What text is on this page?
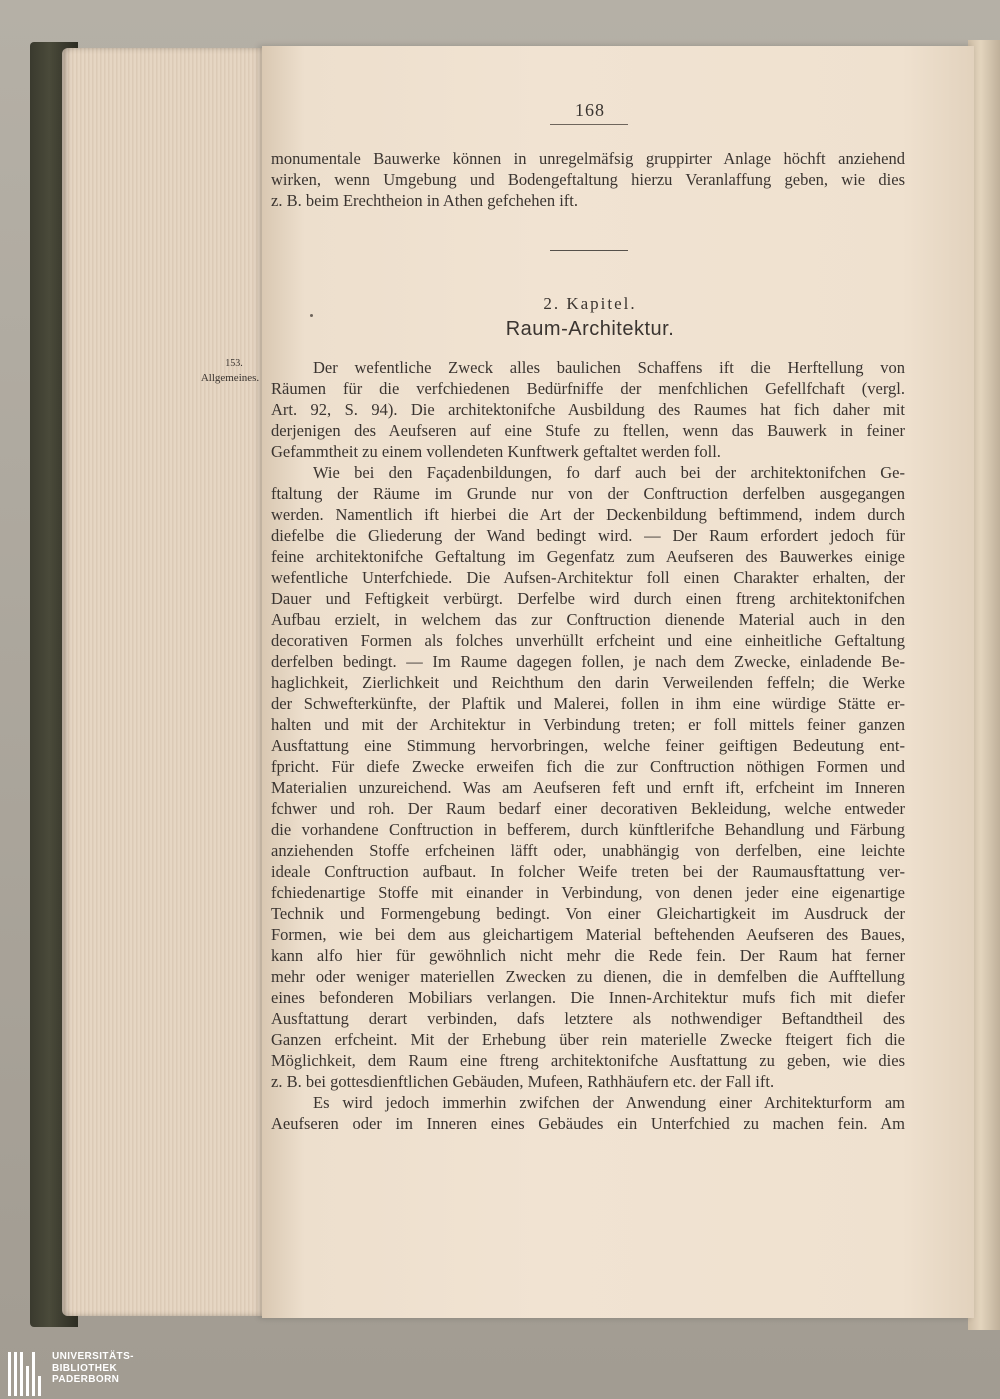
168
monumentale Bauwerke können in unregelmäfsig gruppirter Anlage höchft anziehend
wirken, wenn Umgebung und Bodengeftaltung hierzu Veranlaffung geben, wie dies
z. B. beim Erechtheion in Athen gefchehen ift.
2. Kapitel.
Raum-Architektur.
153.
Allgemeines.
Der wefentliche Zweck alles baulichen Schaffens ift die Herftellung von
Räumen für die verfchiedenen Bedürfniffe der menfchlichen Gefellfchaft (vergl.
Art. 92, S. 94). Die architektonifche Ausbildung des Raumes hat fich daher mit
derjenigen des Aeufseren auf eine Stufe zu ftellen, wenn das Bauwerk in feiner
Gefammtheit zu einem vollendeten Kunftwerk geftaltet werden foll.
Wie bei den Façadenbildungen, fo darf auch bei der architektonifchen Ge-
ftaltung der Räume im Grunde nur von der Conftruction derfelben ausgegangen
werden. Namentlich ift hierbei die Art der Deckenbildung beftimmend, indem durch
diefelbe die Gliederung der Wand bedingt wird. — Der Raum erfordert jedoch für
feine architektonifche Geftaltung im Gegenfatz zum Aeufseren des Bauwerkes einige
wefentliche Unterfchiede. Die Aufsen-Architektur foll einen Charakter erhalten, der
Dauer und Feftigkeit verbürgt. Derfelbe wird durch einen ftreng architektonifchen
Aufbau erzielt, in welchem das zur Conftruction dienende Material auch in den
decorativen Formen als folches unverhüllt erfcheint und eine einheitliche Geftaltung
derfelben bedingt. — Im Raume dagegen follen, je nach dem Zwecke, einladende Be-
haglichkeit, Zierlichkeit und Reichthum den darin Verweilenden feffeln; die Werke
der Schwefterkünfte, der Plaftik und Malerei, follen in ihm eine würdige Stätte er-
halten und mit der Architektur in Verbindung treten; er foll mittels feiner ganzen
Ausftattung eine Stimmung hervorbringen, welche feiner geiftigen Bedeutung ent-
fpricht. Für diefe Zwecke erweifen fich die zur Conftruction nöthigen Formen und
Materialien unzureichend. Was am Aeufseren feft und ernft ift, erfcheint im Inneren
fchwer und roh. Der Raum bedarf einer decorativen Bekleidung, welche entweder
die vorhandene Conftruction in befferem, durch künftlerifche Behandlung und Färbung
anziehenden Stoffe erfcheinen läfft oder, unabhängig von derfelben, eine leichte
ideale Conftruction aufbaut. In folcher Weife treten bei der Raumausftattung ver-
fchiedenartige Stoffe mit einander in Verbindung, von denen jeder eine eigenartige
Technik und Formengebung bedingt. Von einer Gleichartigkeit im Ausdruck der
Formen, wie bei dem aus gleichartigem Material beftehenden Aeufseren des Baues,
kann alfo hier für gewöhnlich nicht mehr die Rede fein. Der Raum hat ferner
mehr oder weniger materiellen Zwecken zu dienen, die in demfelben die Aufftellung
eines befonderen Mobiliars verlangen. Die Innen-Architektur mufs fich mit diefer
Ausftattung derart verbinden, dafs letztere als nothwendiger Beftandtheil des
Ganzen erfcheint. Mit der Erhebung über rein materielle Zwecke fteigert fich die
Möglichkeit, dem Raum eine ftreng architektonifche Ausftattung zu geben, wie dies
z. B. bei gottesdienftlichen Gebäuden, Mufeen, Rathhäufern etc. der Fall ift.
Es wird jedoch immerhin zwifchen der Anwendung einer Architekturform am
Aeufseren oder im Inneren eines Gebäudes ein Unterfchied zu machen fein. Am
UNIVERSITÄTS-
BIBLIOTHEK
PADERBORN
